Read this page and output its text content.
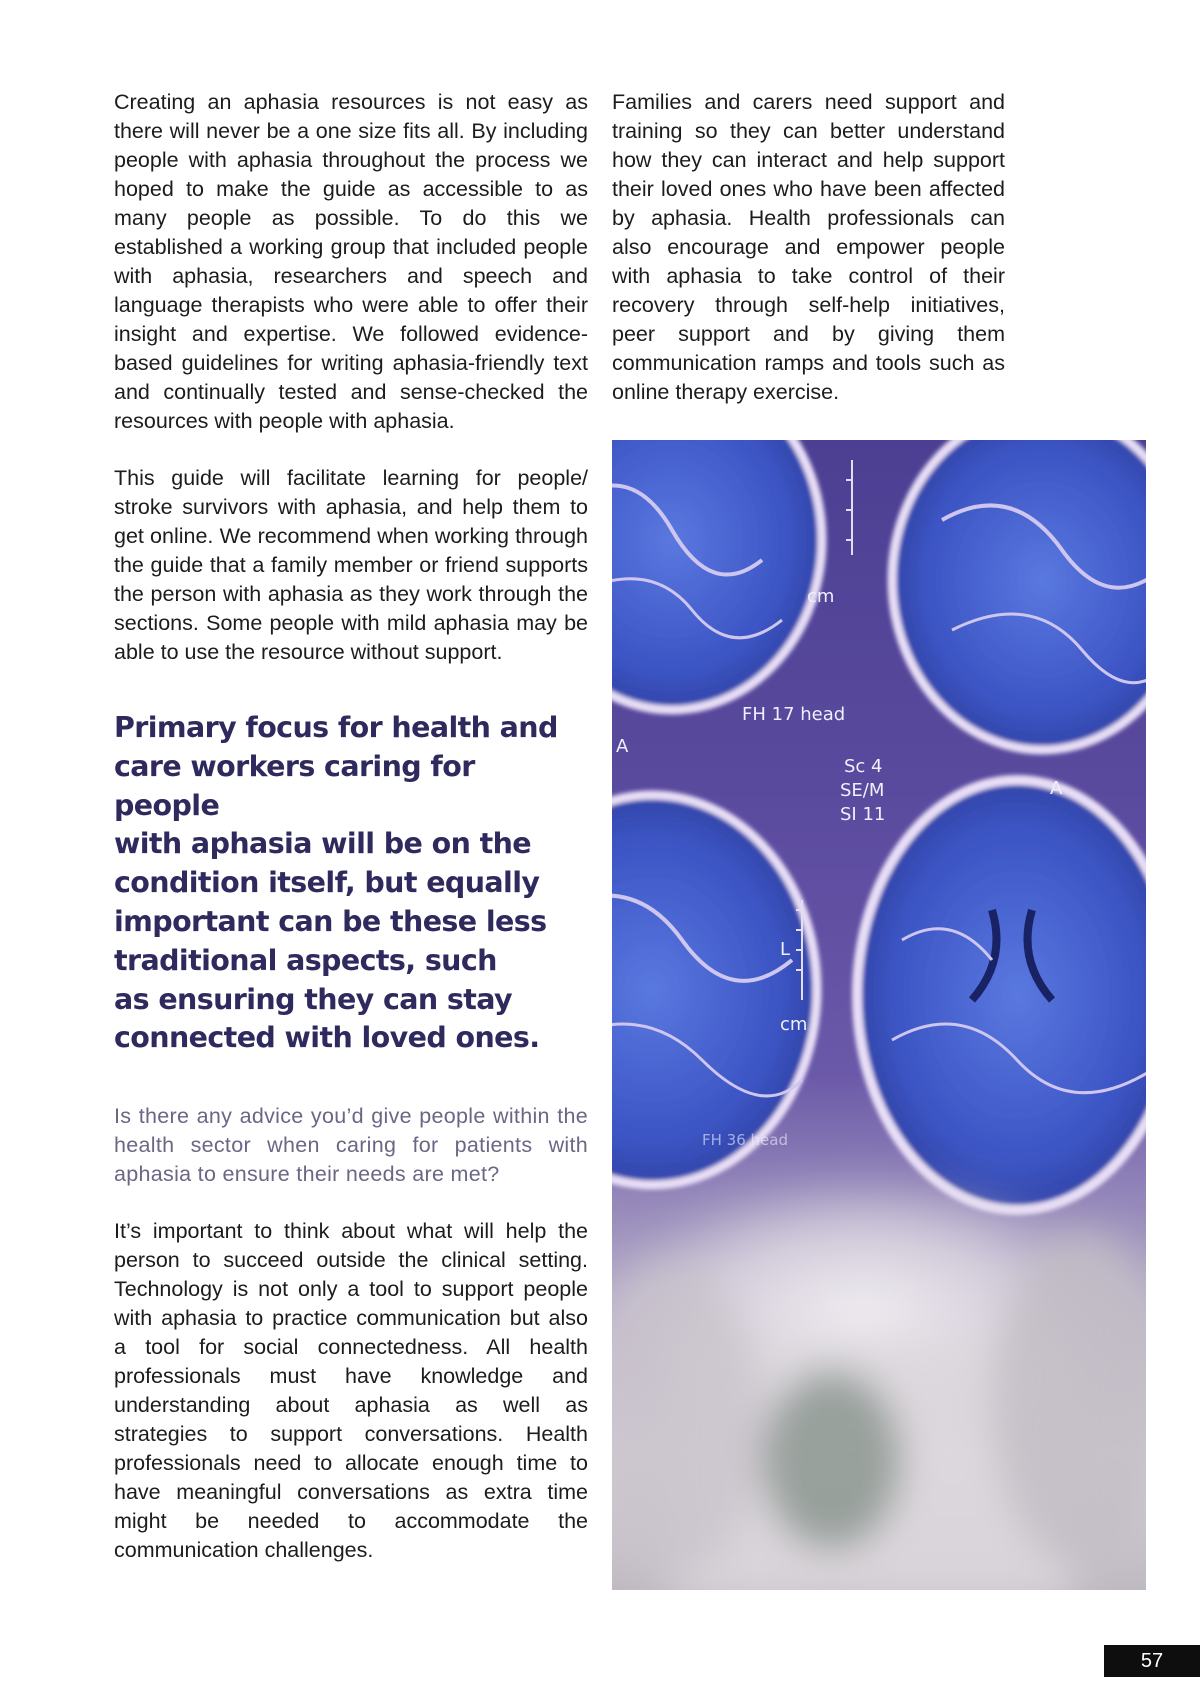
Creating an aphasia resources is not easy as there will never be a one size fits all. By including people with aphasia throughout the process we hoped to make the guide as accessible to as many people as possible. To do this we established a working group that included people with aphasia, researchers and speech and language therapists who were able to offer their insight and expertise. We followed evidence-based guidelines for writing aphasia-friendly text and continually tested and sense-checked the resources with people with aphasia.

This guide will facilitate learning for people/ stroke survivors with aphasia, and help them to get online. We recommend when working through the guide that a family member or friend supports the person with aphasia as they work through the sections. Some people with mild aphasia may be able to use the resource without support.

Primary focus for health and
care workers caring for people
with aphasia will be on the
condition itself, but equally
important can be these less
traditional aspects, such
as ensuring they can stay
connected with loved ones.

Is there any advice you’d give people within the health sector when caring for patients with aphasia to ensure their needs are met?

It’s important to think about what will help the person to succeed outside the clinical setting. Technology is not only a tool to support people with aphasia to practice communication but also a tool for social connectedness. All health professionals must have knowledge and understanding about aphasia as well as strategies to support conversations. Health professionals need to allocate enough time to have meaningful conversations as extra time might be needed to accommodate the communication challenges.

Families and carers need support and training so they can better understand how they can interact and help support their loved ones who have been affected by aphasia. Health professionals can also encourage and empower people with aphasia to take control of their recovery through self-help initiatives, peer support and by giving them communication ramps and tools such as online therapy exercise.

cm
FH 17 head
A
Sc 4
SE/M
SI 11
A
L
cm
FH 36 head
57
